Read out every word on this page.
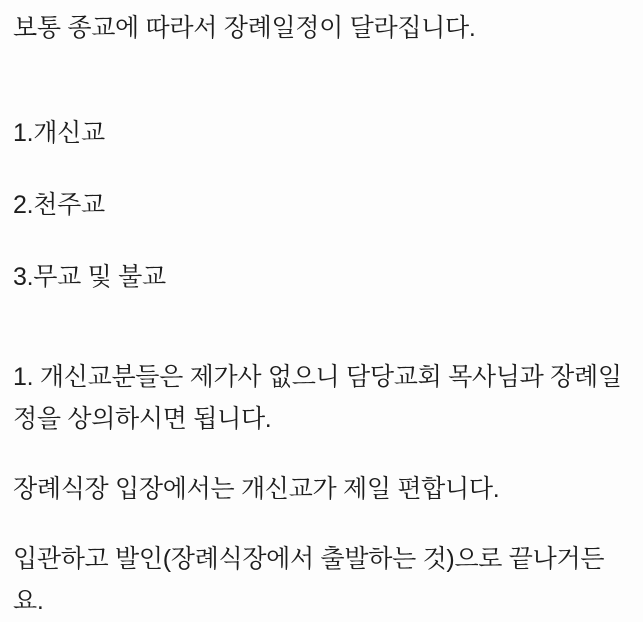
보통 종교에 따라서 장례일정이 달라집니다.

1.개신교

2.천주교

3.무교 및 불교

1. 개신교분들은 제가사 없으니 담당교회 목사님과 장례일정을 상의하시면 됩니다.

장례식장 입장에서는 개신교가 제일 편합니다.

입관하고 발인(장례식장에서 출발하는 것)으로 끝나거든요.
